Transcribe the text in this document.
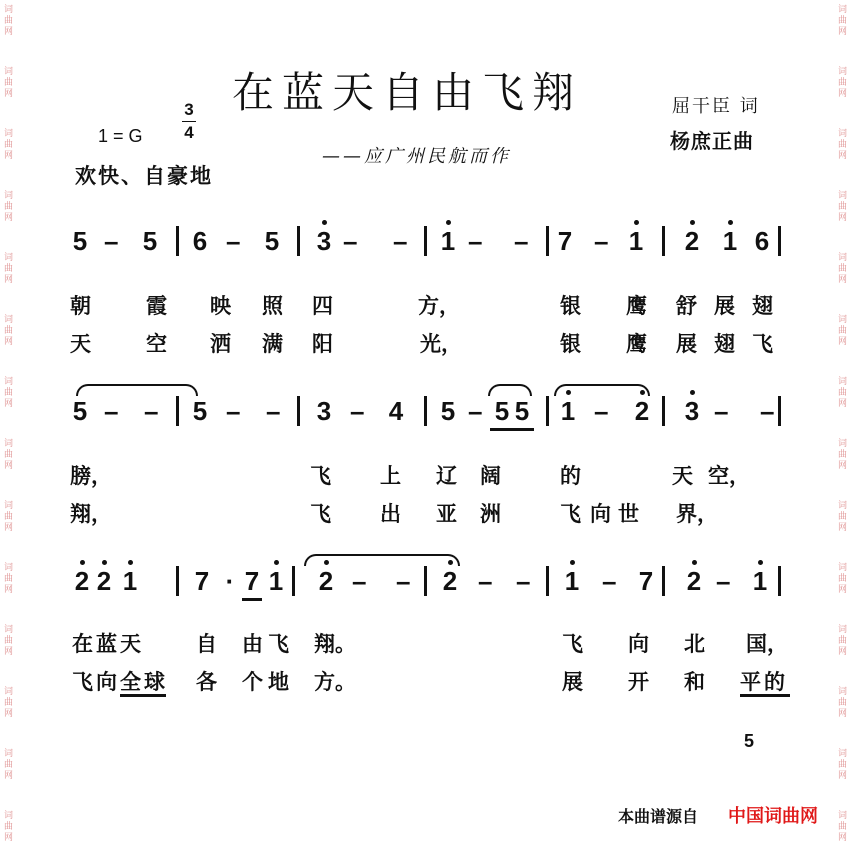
词曲网
词曲网
词曲网
词曲网
词曲网
词曲网
词曲网
词曲网
词曲网
词曲网
词曲网
词曲网
词曲网
词曲网
词曲网
词曲网
词曲网
词曲网
词曲网
词曲网
词曲网
词曲网
词曲网
词曲网
词曲网
词曲网
词曲网
词曲网
在蓝天自由飞翔	屈干臣 词
杨庶正曲
——应广州民航而作
1 = G
3
4
欢快、自豪地
5 – 5 6 – 5 3 – – 1 – – 7 – 1 2 1 6
朝	霞 映 照 四	方，	银 鹰 舒 展 翅
天	空 洒 满 阳	光，	银 鹰 展 翅 飞
5 – – 5 – – 3 – 4 5 – 5 5 1 – 2 3 – –
膀，	飞 上 辽 阔	的	天 空，
翔，	飞 出 亚 洲	飞 向 世 界，
2 2 1 7 · 7 1 2 – – 2 – – 1 – 7 2 – 1
在 蓝 天	自 由 飞 翔。	飞 向 北 国，
飞 向 全 球 各 个 地 方。	展 开 和 平 的
5
本曲谱源自 中国词曲网
